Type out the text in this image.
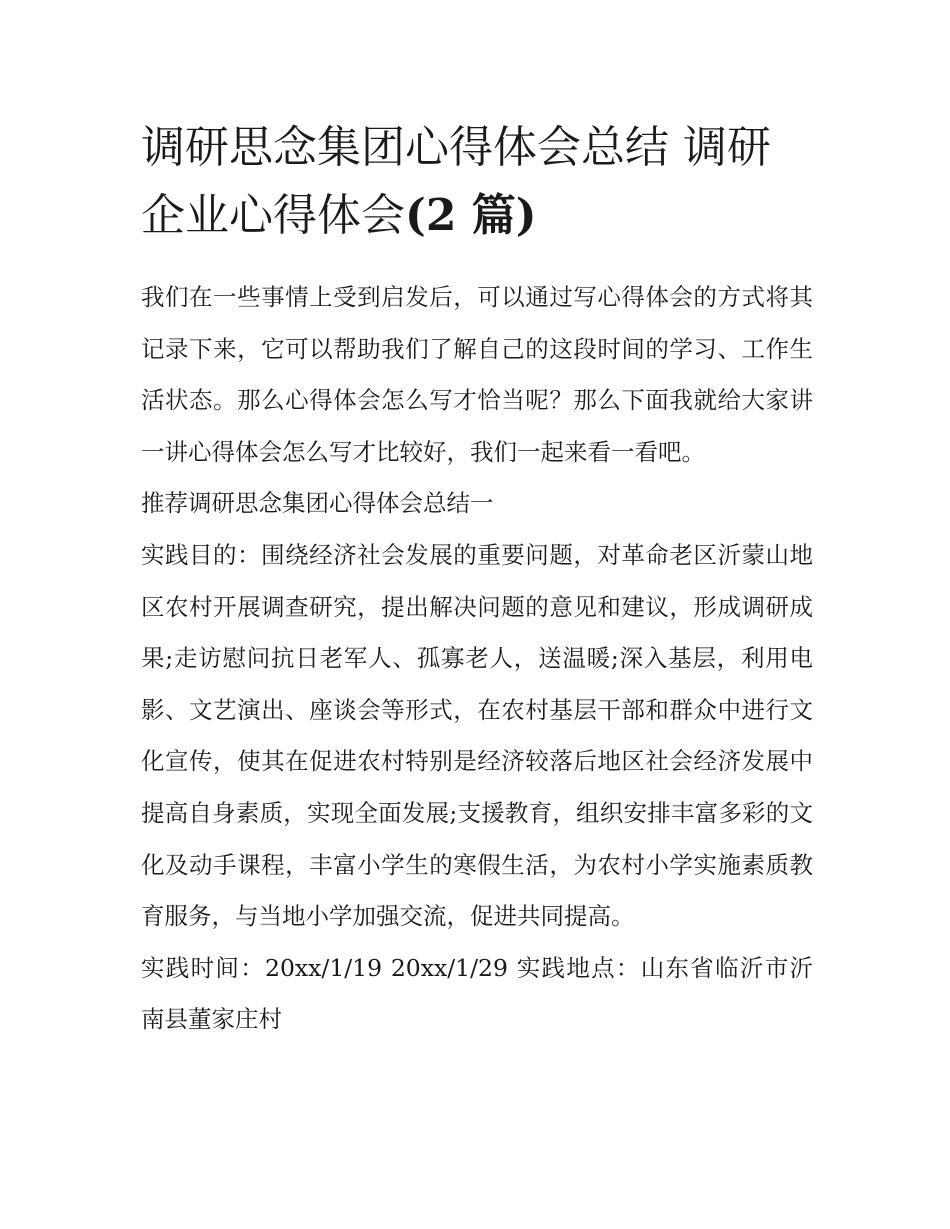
调研思念集团心得体会总结 调研企业心得体会(2 篇)

我们在一些事情上受到启发后，可以通过写心得体会的方式将其记录下来，它可以帮助我们了解自己的这段时间的学习、工作生活状态。那么心得体会怎么写才恰当呢？那么下面我就给大家讲一讲心得体会怎么写才比较好，我们一起来看一看吧。

推荐调研思念集团心得体会总结一

实践目的：围绕经济社会发展的重要问题，对革命老区沂蒙山地区农村开展调查研究，提出解决问题的意见和建议，形成调研成果;走访慰问抗日老军人、孤寡老人，送温暖;深入基层，利用电影、文艺演出、座谈会等形式，在农村基层干部和群众中进行文化宣传，使其在促进农村特别是经济较落后地区社会经济发展中提高自身素质，实现全面发展;支援教育，组织安排丰富多彩的文化及动手课程，丰富小学生的寒假生活，为农村小学实施素质教育服务，与当地小学加强交流，促进共同提高。

实践时间：20xx/1/19 20xx/1/29 实践地点：山东省临沂市沂南县董家庄村
